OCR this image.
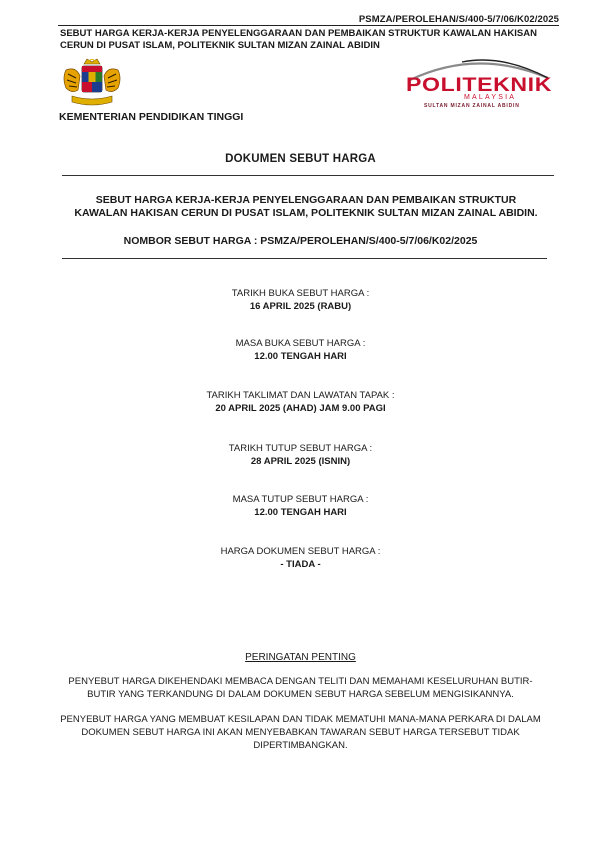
PSMZA/PEROLEHAN/S/400-5/7/06/K02/2025
SEBUT HARGA KERJA-KERJA PENYELENGGARAAN DAN PEMBAIKAN STRUKTUR KAWALAN HAKISAN CERUN DI PUSAT ISLAM, POLITEKNIK SULTAN MIZAN ZAINAL ABIDIN
KEMENTERIAN PENDIDIKAN TINGGI
POLITEKNIK
MALAYSIA
SULTAN MIZAN ZAINAL ABIDIN
DOKUMEN SEBUT HARGA
SEBUT HARGA KERJA-KERJA PENYELENGGARAAN DAN PEMBAIKAN STRUKTUR KAWALAN HAKISAN CERUN DI PUSAT ISLAM, POLITEKNIK SULTAN MIZAN ZAINAL ABIDIN.
NOMBOR SEBUT HARGA : PSMZA/PEROLEHAN/S/400-5/7/06/K02/2025
TARIKH BUKA SEBUT HARGA :
16 APRIL 2025 (RABU)
MASA BUKA SEBUT HARGA :
12.00 TENGAH HARI
TARIKH TAKLIMAT DAN LAWATAN TAPAK :
20 APRIL 2025 (AHAD) JAM 9.00 PAGI
TARIKH TUTUP SEBUT HARGA :
28 APRIL 2025 (ISNIN)
MASA TUTUP SEBUT HARGA :
12.00 TENGAH HARI
HARGA DOKUMEN SEBUT HARGA :
- TIADA -
PERINGATAN PENTING
PENYEBUT HARGA DIKEHENDAKI MEMBACA DENGAN TELITI DAN MEMAHAMI KESELURUHAN BUTIR-BUTIR YANG TERKANDUNG DI DALAM DOKUMEN SEBUT HARGA SEBELUM MENGISIKANNYA.
PENYEBUT HARGA YANG MEMBUAT KESILAPAN DAN TIDAK MEMATUHI MANA-MANA PERKARA DI DALAM DOKUMEN SEBUT HARGA INI AKAN MENYEBABKAN TAWARAN SEBUT HARGA TERSEBUT TIDAK DIPERTIMBANGKAN.
